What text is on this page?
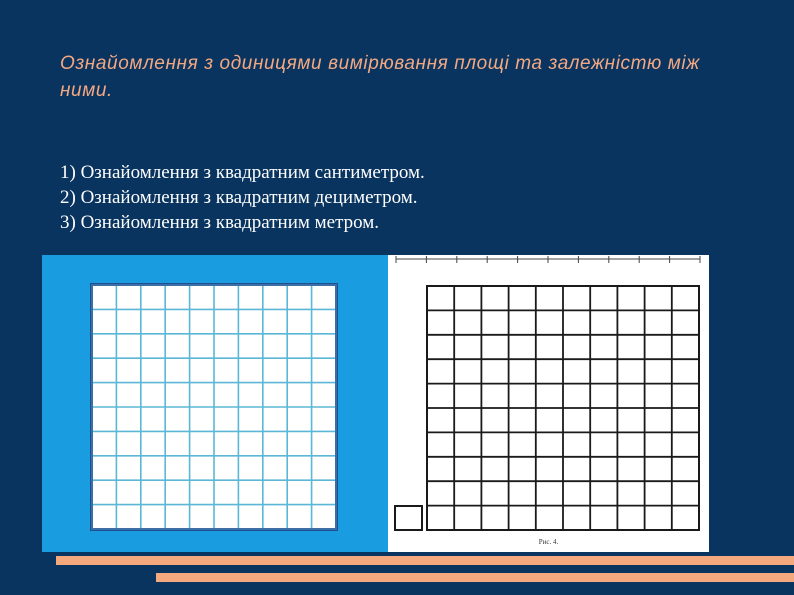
Ознайомлення з одиницями вимірювання площі та залежністю між ними.
1) Ознайомлення з квадратним сантиметром.
2) Ознайомлення з квадратним дециметром.
3) Ознайомлення з квадратним метром.
Рис. 4.
